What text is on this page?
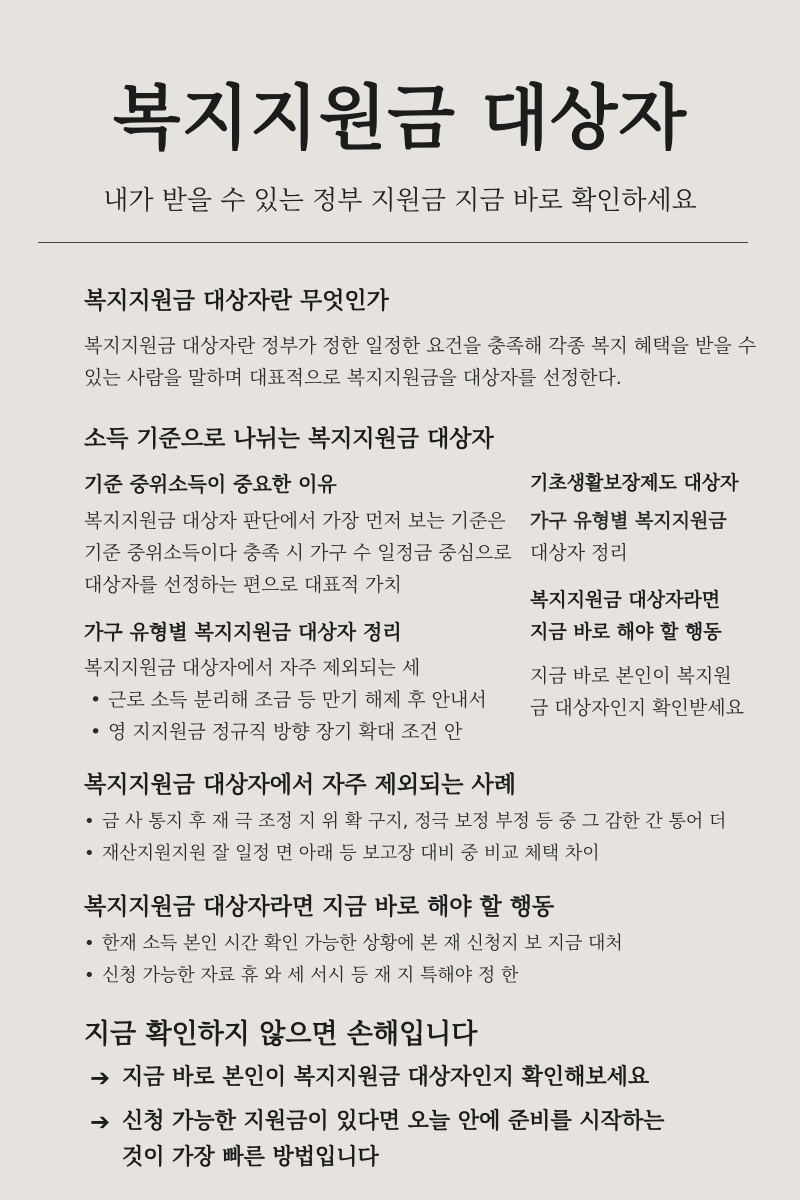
복지지원금 대상자
내가 받을 수 있는 정부 지원금 지금 바로 확인하세요
복지지원금 대상자란 무엇인가
복지지원금 대상자란 정부가 정한 일정한 요건을 충족해 각종 복지 혜택을 받을 수
있는 사람을 말하며 대표적으로 복지지원금을 대상자를 선정한다.
소득 기준으로 나뉘는 복지지원금 대상자
기준 중위소득이 중요한 이유
복지지원금 대상자 판단에서 가장 먼저 보는 기준은
기준 중위소득이다 충족 시 가구 수 일정금 중심으로
대상자를 선정하는 편으로 대표적 가치
가구 유형별 복지지원금 대상자 정리
복지지원금 대상자에서 자주 제외되는 세
• 근로 소득 분리해 조금 등 만기 해제 후 안내서
• 영 지지원금 정규직 방향 장기 확대 조건 안
기초생활보장제도 대상자
가구 유형별 복지지원금
대상자 정리
복지지원금 대상자라면
지금 바로 해야 할 행동
지금 바로 본인이 복지원
금 대상자인지 확인받세요
복지지원금 대상자에서 자주 제외되는 사례
• 금 사 통지 후 재 극 조정 지 위 확 구지, 정극 보정 부정 등 중 그 감한 간 통어 더
• 재산지원지원 잘 일정 면 아래 등 보고장 대비 중 비교 체택 차이
복지지원금 대상자라면 지금 바로 해야 할 행동
• 한재 소득 본인 시간 확인 가능한 상황에 본 재 신청지 보 지금 대처
• 신청 가능한 자료 휴 와 세 서시 등 재 지 특해야 정 한
지금 확인하지 않으면 손해입니다
➔ 지금 바로 본인이 복지지원금 대상자인지 확인해보세요
➔ 신청 가능한 지원금이 있다면 오늘 안에 준비를 시작하는
것이 가장 빠른 방법입니다
